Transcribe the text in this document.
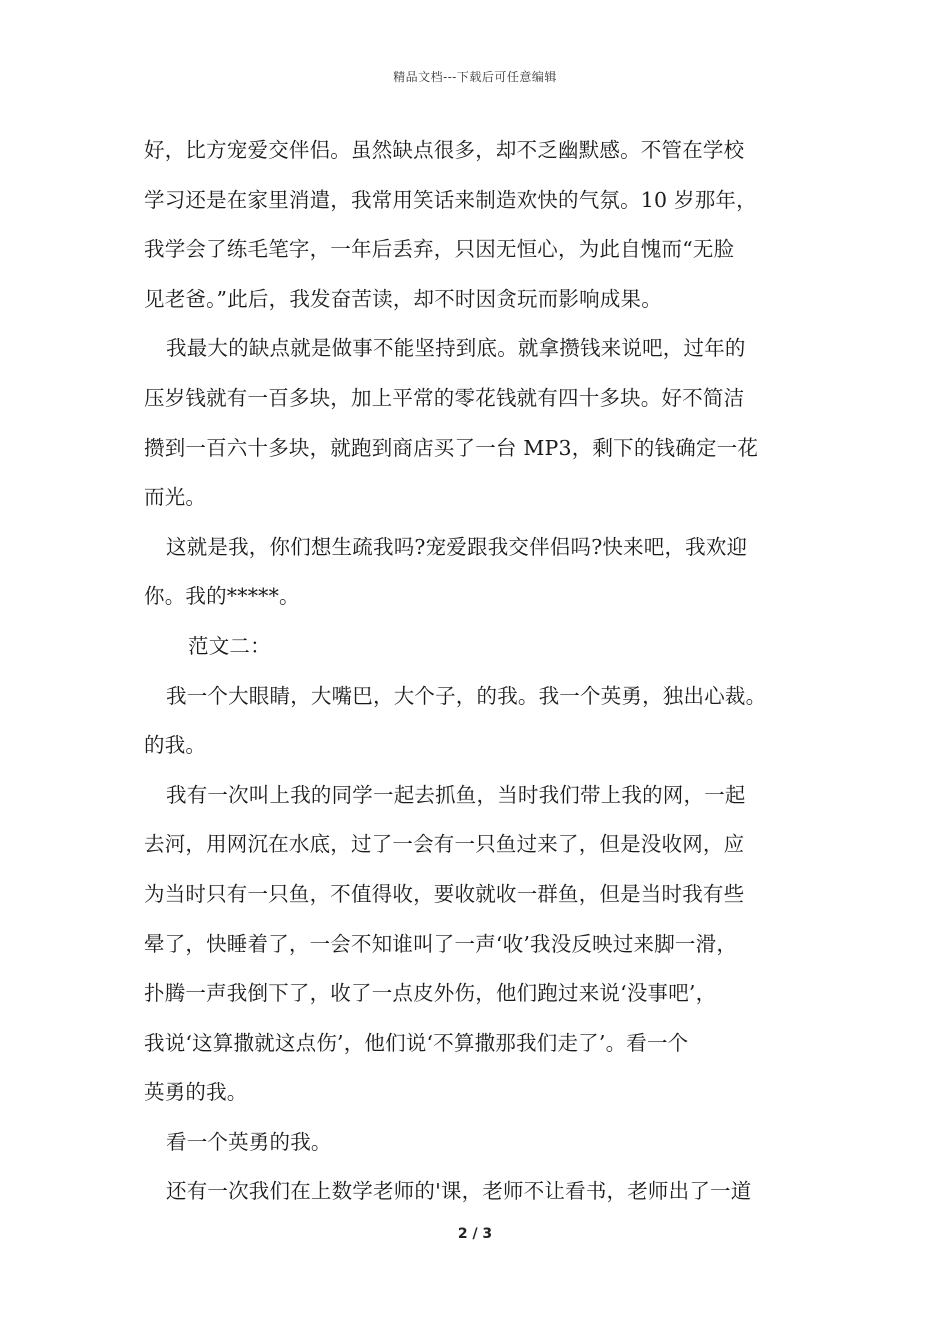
精品文档---下载后可任意编辑
好，比方宠爱交伴侣。虽然缺点很多，却不乏幽默感。不管在学校
学习还是在家里消遣，我常用笑话来制造欢快的气氛。10 岁那年，
我学会了练毛笔字，一年后丢弃，只因无恒心，为此自愧而“无脸
见老爸。”此后，我发奋苦读，却不时因贪玩而影响成果。
我最大的缺点就是做事不能坚持到底。就拿攒钱来说吧，过年的
压岁钱就有一百多块，加上平常的零花钱就有四十多块。好不简洁
攒到一百六十多块，就跑到商店买了一台 MP3，剩下的钱确定一花
而光。
这就是我，你们想生疏我吗?宠爱跟我交伴侣吗?快来吧，我欢迎
你。我的*****。
范文二：
我一个大眼睛，大嘴巴，大个子，的我。我一个英勇，独出心裁。
的我。
我有一次叫上我的同学一起去抓鱼，当时我们带上我的网，一起
去河，用网沉在水底，过了一会有一只鱼过来了，但是没收网，应
为当时只有一只鱼，不值得收，要收就收一群鱼，但是当时我有些
晕了，快睡着了，一会不知谁叫了一声‘收’我没反映过来脚一滑，
扑腾一声我倒下了，收了一点皮外伤，他们跑过来说‘没事吧’，
我说‘这算撒就这点伤’，他们说‘不算撒那我们走了’。看一个
英勇的我。
看一个英勇的我。
还有一次我们在上数学老师的'课，老师不让看书，老师出了一道
2 / 3
